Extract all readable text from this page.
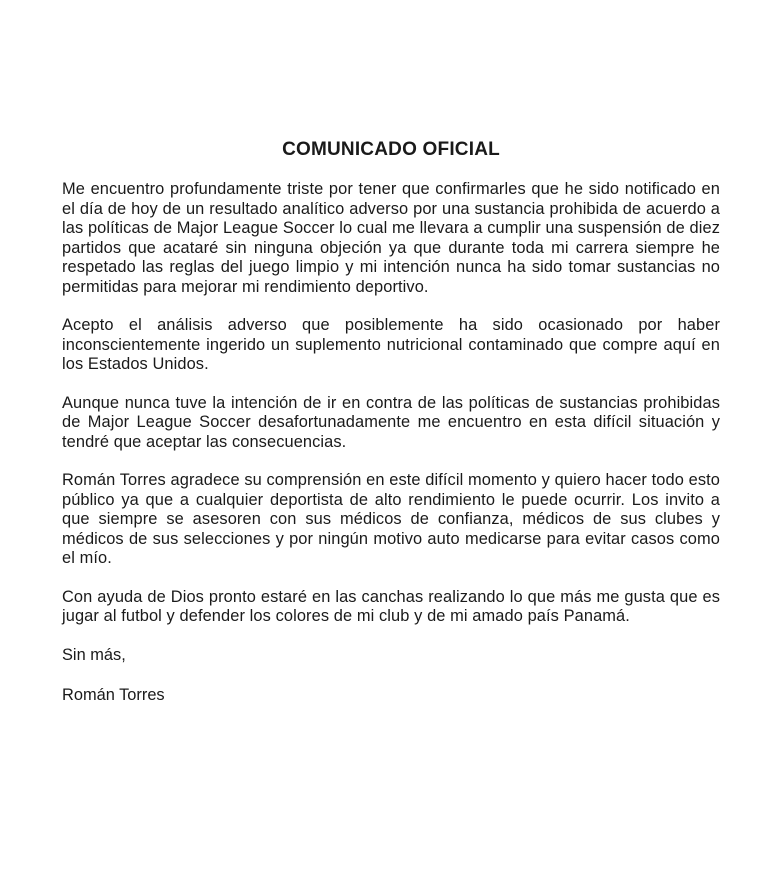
COMUNICADO OFICIAL

Me encuentro profundamente triste por tener que confirmarles que he sido notificado en el día de hoy de un resultado analítico adverso por una sustancia prohibida de acuerdo a las políticas de Major League Soccer lo cual me llevara a cumplir una suspensión de diez partidos que acataré sin ninguna objeción ya que durante toda mi carrera siempre he respetado las reglas del juego limpio y mi intención nunca ha sido tomar sustancias no permitidas para mejorar mi rendimiento deportivo.

Acepto el análisis adverso que posiblemente ha sido ocasionado por haber inconscientemente ingerido un suplemento nutricional contaminado que compre aquí en los Estados Unidos.

Aunque nunca tuve la intención de ir en contra de las políticas de sustancias prohibidas de Major League Soccer desafortunadamente me encuentro en esta difícil situación y tendré que aceptar las consecuencias.

Román Torres agradece su comprensión en este difícil momento y quiero hacer todo esto público ya que a cualquier deportista de alto rendimiento le puede ocurrir. Los invito a que siempre se asesoren con sus médicos de confianza, médicos de sus clubes y médicos de sus selecciones y por ningún motivo auto medicarse para evitar casos como el mío.

Con ayuda de Dios pronto estaré en las canchas realizando lo que más me gusta que es jugar al futbol y defender los colores de mi club y de mi amado país Panamá.

Sin más,

Román Torres
